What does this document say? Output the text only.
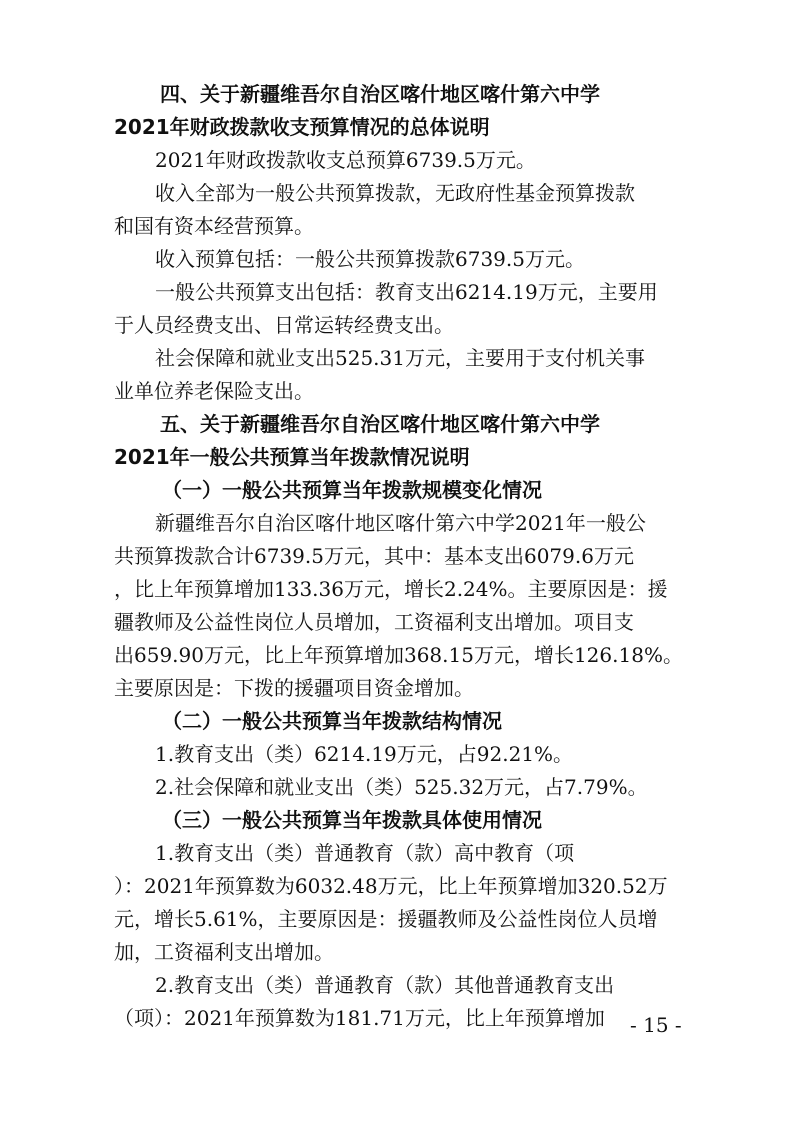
四、关于新疆维吾尔自治区喀什地区喀什第六中学
2021年财政拨款收支预算情况的总体说明
2021年财政拨款收支总预算6739.5万元。
收入全部为一般公共预算拨款，无政府性基金预算拨款
和国有资本经营预算。
收入预算包括：一般公共预算拨款6739.5万元。
一般公共预算支出包括：教育支出6214.19万元，主要用
于人员经费支出、日常运转经费支出。
社会保障和就业支出525.31万元，主要用于支付机关事
业单位养老保险支出。
五、关于新疆维吾尔自治区喀什地区喀什第六中学
2021年一般公共预算当年拨款情况说明
（一）一般公共预算当年拨款规模变化情况
新疆维吾尔自治区喀什地区喀什第六中学2021年一般公
共预算拨款合计6739.5万元，其中：基本支出6079.6万元
，比上年预算增加133.36万元，增长2.24%。主要原因是：援
疆教师及公益性岗位人员增加，工资福利支出增加。项目支
出659.90万元，比上年预算增加368.15万元，增长126.18%。
主要原因是：下拨的援疆项目资金增加。
（二）一般公共预算当年拨款结构情况
1.教育支出（类）6214.19万元，占92.21%。
2.社会保障和就业支出（类）525.32万元，占7.79%。
（三）一般公共预算当年拨款具体使用情况
1.教育支出（类）普通教育（款）高中教育（项
）：2021年预算数为6032.48万元，比上年预算增加320.52万
元，增长5.61%，主要原因是：援疆教师及公益性岗位人员增
加，工资福利支出增加。
2.教育支出（类）普通教育（款）其他普通教育支出
（项）：2021年预算数为181.71万元，比上年预算增加	- 15 -
